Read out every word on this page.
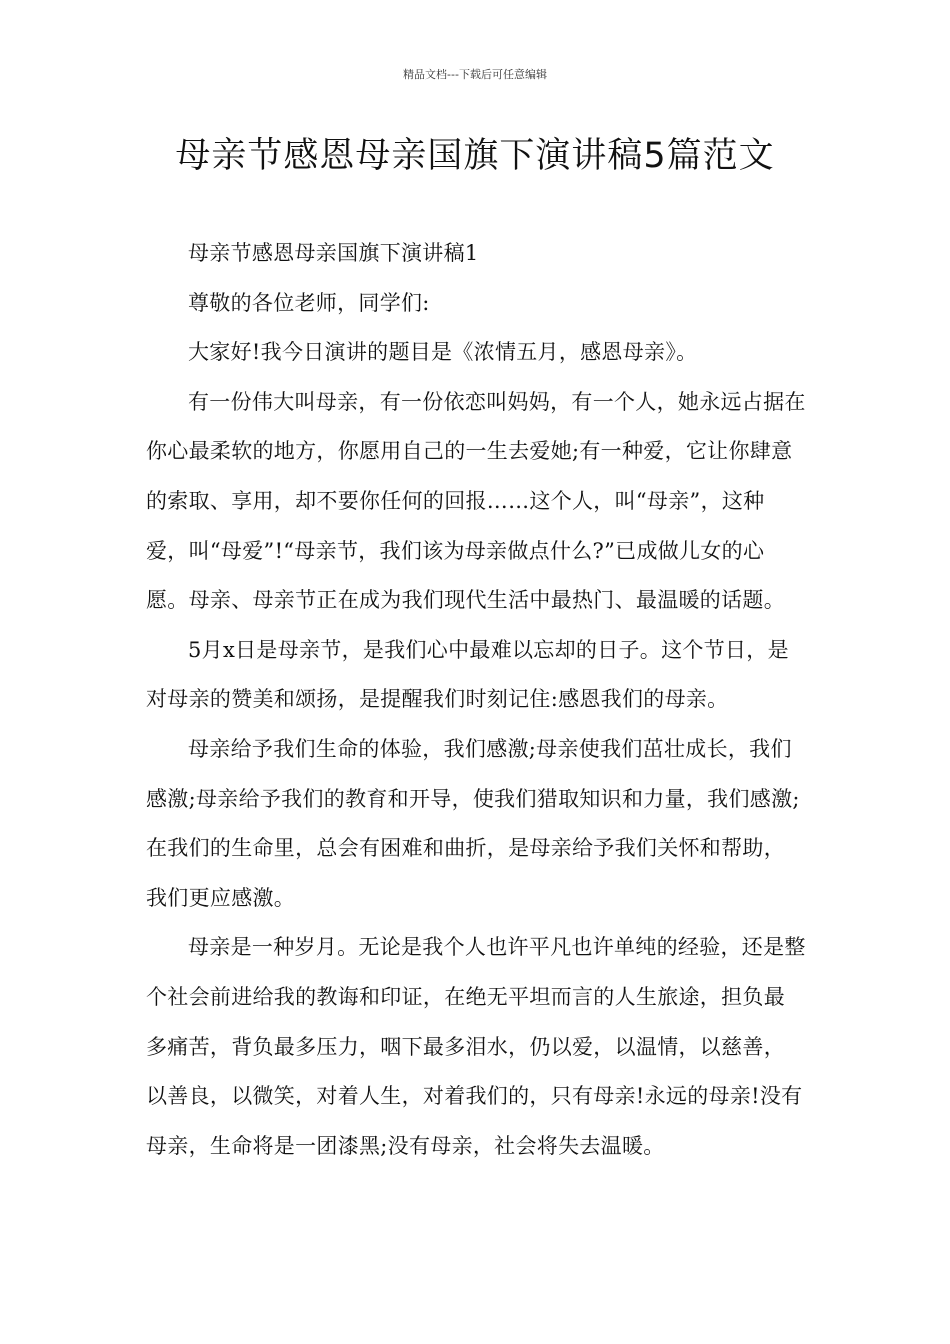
精品文档---下载后可任意编辑
母亲节感恩母亲国旗下演讲稿5篇范文

母亲节感恩母亲国旗下演讲稿1

尊敬的各位老师，同学们:

大家好!我今日演讲的题目是《浓情五月，感恩母亲》。

有一份伟大叫母亲，有一份依恋叫妈妈，有一个人，她永远占据在你心最柔软的地方，你愿用自己的一生去爱她;有一种爱，它让你肆意的索取、享用，却不要你任何的回报……这个人，叫“母亲”，这种爱，叫“母爱”!“母亲节，我们该为母亲做点什么?”已成做儿女的心愿。母亲、母亲节正在成为我们现代生活中最热门、最温暖的话题。

5月x日是母亲节，是我们心中最难以忘却的日子。这个节日，是对母亲的赞美和颂扬，是提醒我们时刻记住:感恩我们的母亲。

母亲给予我们生命的体验，我们感激;母亲使我们茁壮成长，我们感激;母亲给予我们的教育和开导，使我们猎取知识和力量，我们感激;在我们的生命里，总会有困难和曲折，是母亲给予我们关怀和帮助，我们更应感激。

母亲是一种岁月。无论是我个人也许平凡也许单纯的经验，还是整个社会前进给我的教诲和印证，在绝无平坦而言的人生旅途，担负最多痛苦，背负最多压力，咽下最多泪水，仍以爱，以温情，以慈善，以善良，以微笑，对着人生，对着我们的，只有母亲!永远的母亲!没有母亲，生命将是一团漆黑;没有母亲，社会将失去温暖。
